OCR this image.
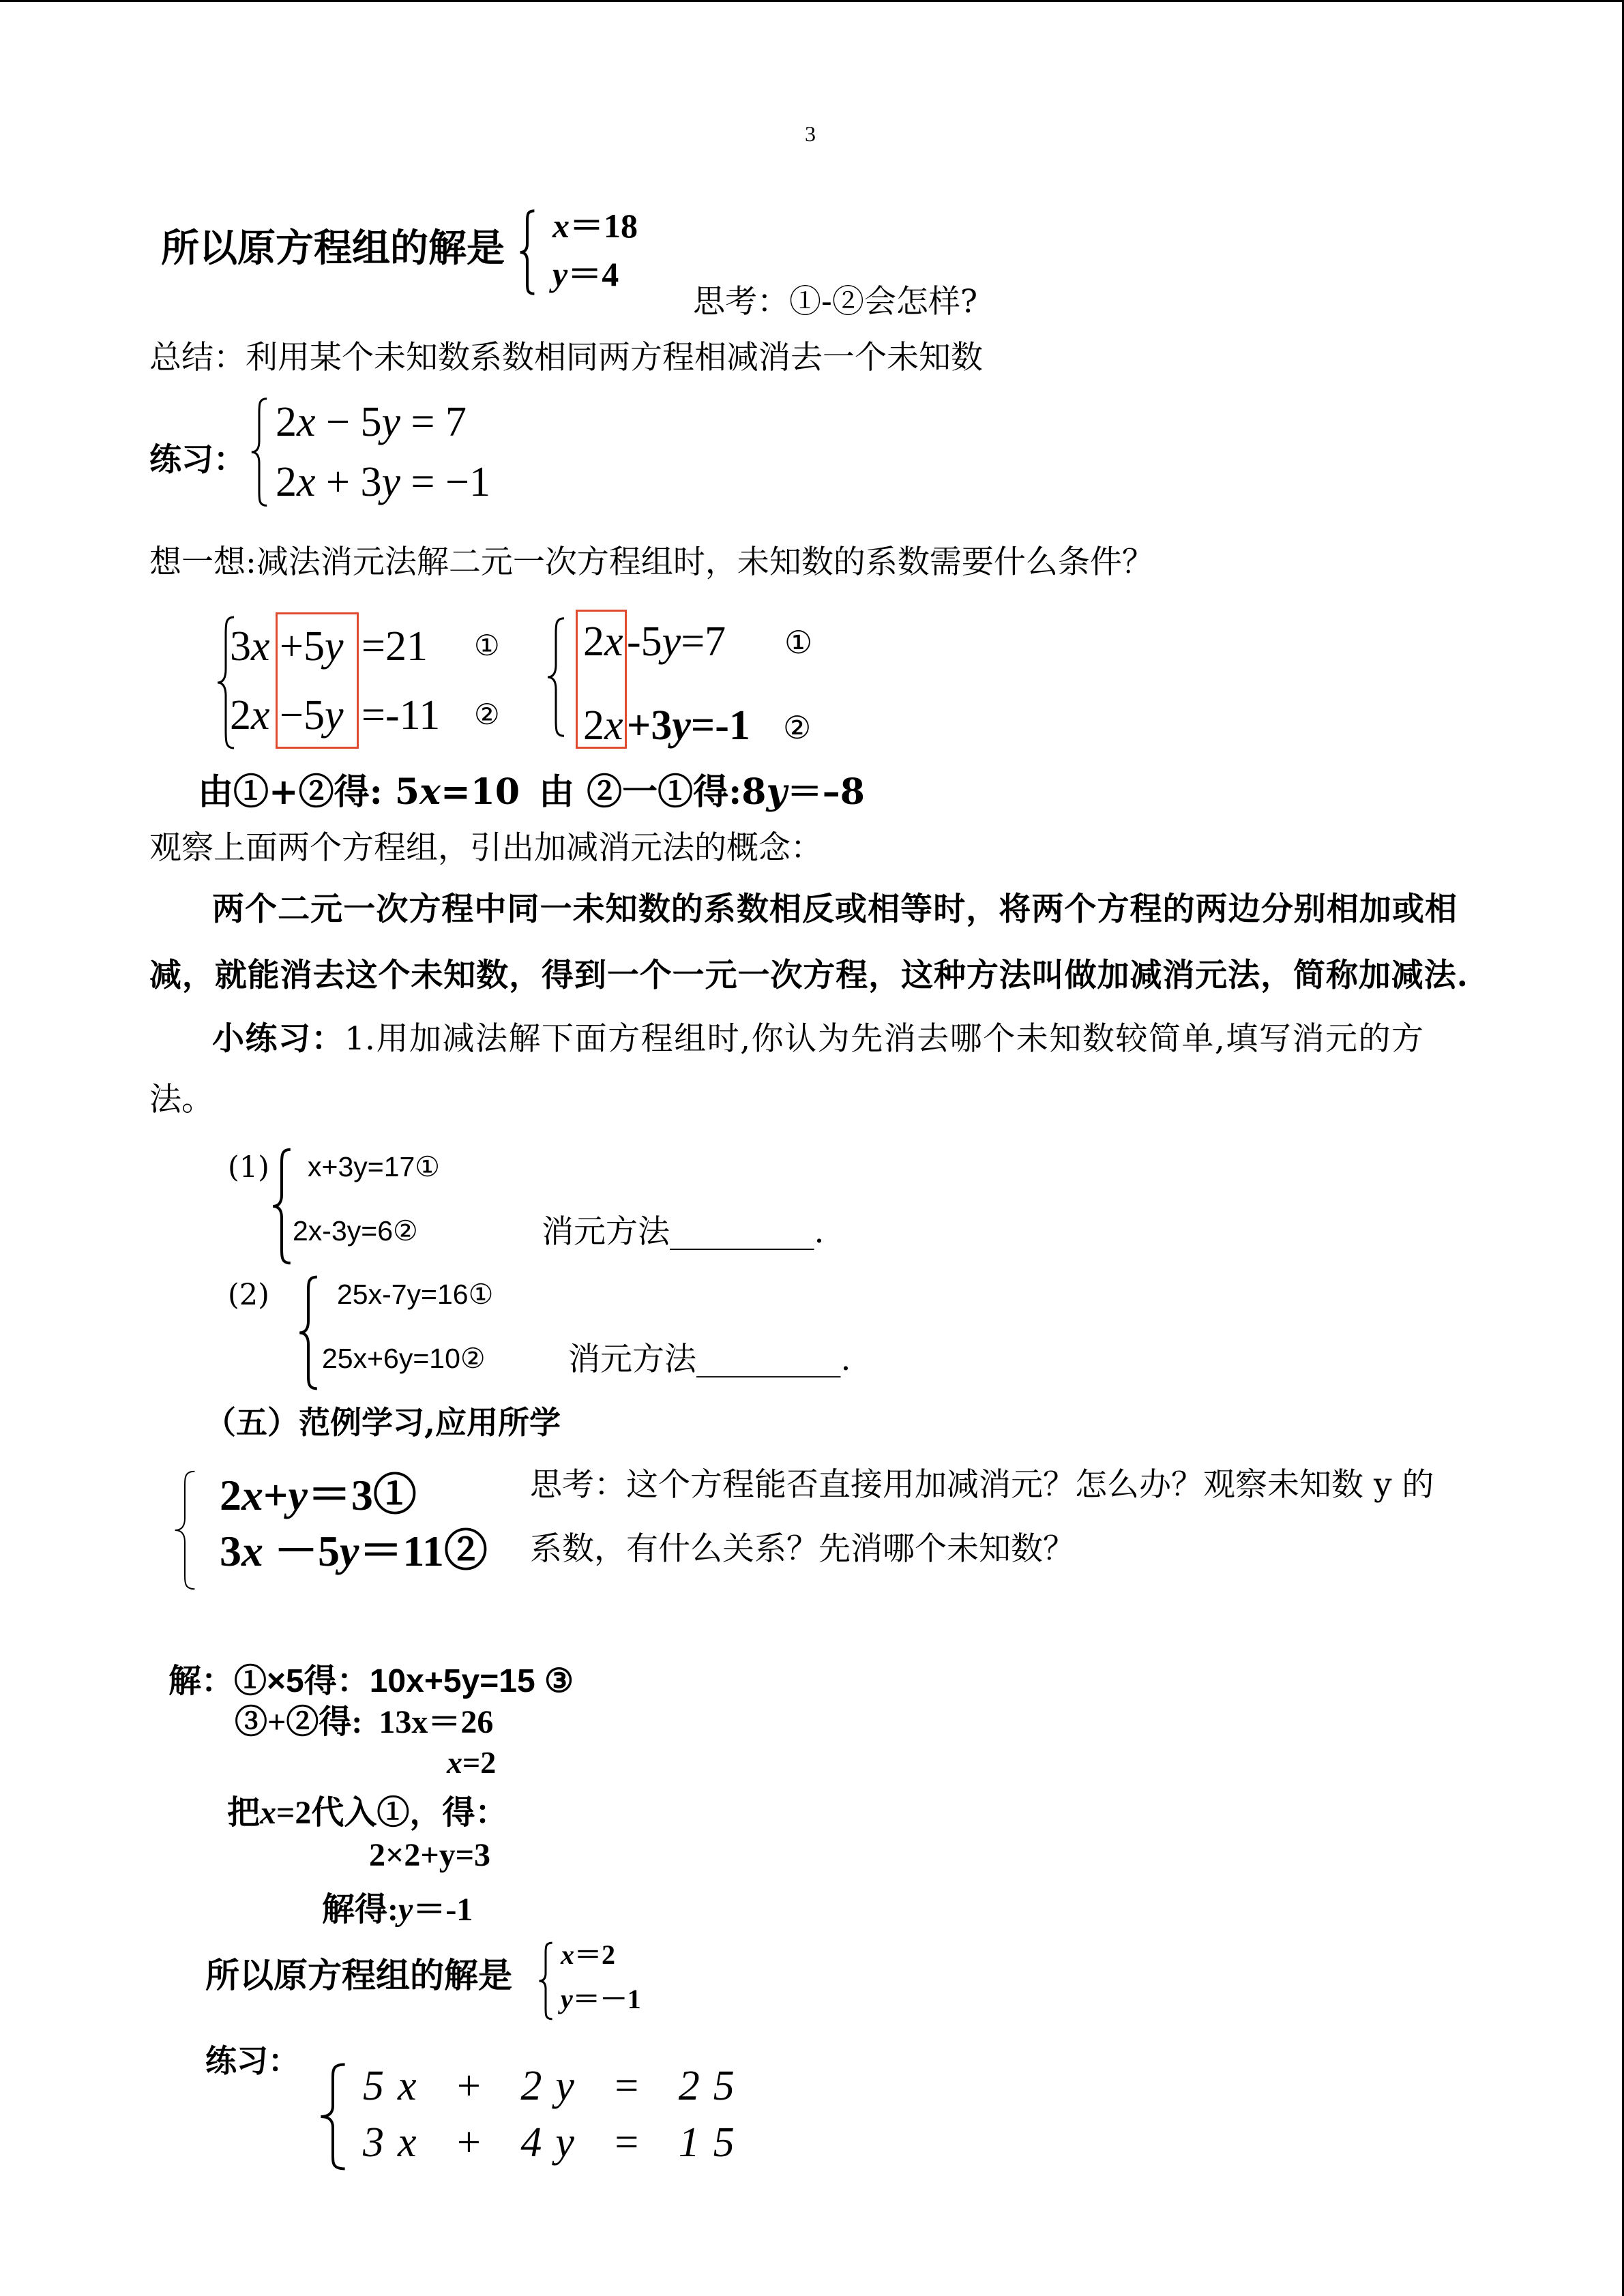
3
所以原方程组的解是 x＝18
y＝4
思考：①-②会怎样?
总结：利用某个未知数系数相同两方程相减消去一个未知数
练习：
2x − 5y = 7
2x + 3y = −1
想一想:减法消元法解二元一次方程组时，未知数的系数需要什么条件？
3x +5y =21 ①
2x −5y =-11 ②
2x -5y=7 ①
2x +3y=-1 ②
由①+②得: 5x=10 由 ②一①得:8y＝–8
观察上面两个方程组，引出加减消元法的概念：
两个二元一次方程中同一未知数的系数相反或相等时，将两个方程的两边分别相加或相
减，就能消去这个未知数，得到一个一元一次方程，这种方法叫做加减消元法，简称加减法.
小练习：1.用加减法解下面方程组时,你认为先消去哪个未知数较简单,填写消元的方
法。
(1) x+3y=17①
2x-3y=6②	消元方法_________.
(2) 25x-7y=16①
25x+6y=10②	消元方法_________.
（五）范例学习,应用所学
2x+y＝3①
3x －5y＝11②
思考：这个方程能否直接用加减消元？怎么办？观察未知数 y 的
系数，有什么关系？先消哪个未知数？
解：①×5得：10x+5y=15 ③
③+②得:  13x＝26
x=2
把x=2代入①，得：
2×2+y=3
解得:y＝-1
所以原方程组的解是
x＝2
y＝－1
练习：
5x + 2y = 25
3x + 4y = 15
